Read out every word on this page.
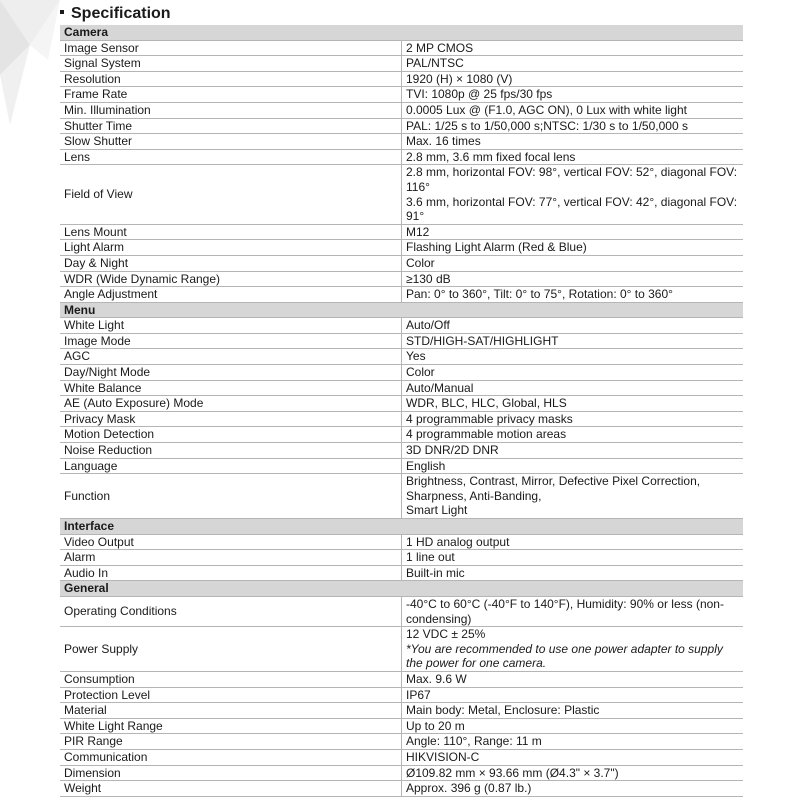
Specification
Camera	
Image Sensor	2 MP CMOS

Signal System	PAL/NTSC

Resolution	1920 (H) × 1080 (V)

Frame Rate	TVI: 1080p @ 25 fps/30 fps

Min. Illumination	0.0005 Lux @ (F1.0, AGC ON), 0 Lux with white light

Shutter Time	PAL: 1/25 s to 1/50,000 s;NTSC: 1/30 s to 1/50,000 s

Slow Shutter	Max. 16 times

Lens	2.8 mm, 3.6 mm fixed focal lens

Field of View	2.8 mm, horizontal FOV: 98°, vertical FOV: 52°, diagonal FOV: 116°
3.6 mm, horizontal FOV: 77°, vertical FOV: 42°, diagonal FOV: 91°

Lens Mount	M12

Light Alarm	Flashing Light Alarm (Red & Blue)

Day & Night	Color

WDR (Wide Dynamic Range)	≥130 dB

Angle Adjustment	Pan: 0° to 360°, Tilt: 0° to 75°, Rotation: 0° to 360°

Menu	
White Light	Auto/Off

Image Mode	STD/HIGH-SAT/HIGHLIGHT

AGC	Yes

Day/Night Mode	Color

White Balance	Auto/Manual

AE (Auto Exposure) Mode	WDR, BLC, HLC, Global, HLS

Privacy Mask	4 programmable privacy masks

Motion Detection	4 programmable motion areas

Noise Reduction	3D DNR/2D DNR

Language	English

Function	Brightness, Contrast, Mirror, Defective Pixel Correction, Sharpness, Anti-Banding,
Smart Light

Interface	
Video Output	1 HD analog output

Alarm	1 line out

Audio In	Built-in mic

General	
Operating Conditions	-40°C to 60°C (-40°F to 140°F), Humidity: 90% or less (non-condensing)

Power Supply	12 VDC ± 25%
*You are recommended to use one power adapter to supply the power for one camera.

Consumption	Max. 9.6 W

Protection Level	IP67

Material	Main body: Metal, Enclosure: Plastic

White Light Range	Up to 20 m

PIR Range	Angle: 110°, Range: 11 m

Communication	HIKVISION-C

Dimension	Ø109.82 mm × 93.66 mm (Ø4.3" × 3.7")

Weight	Approx. 396 g (0.87 lb.)
